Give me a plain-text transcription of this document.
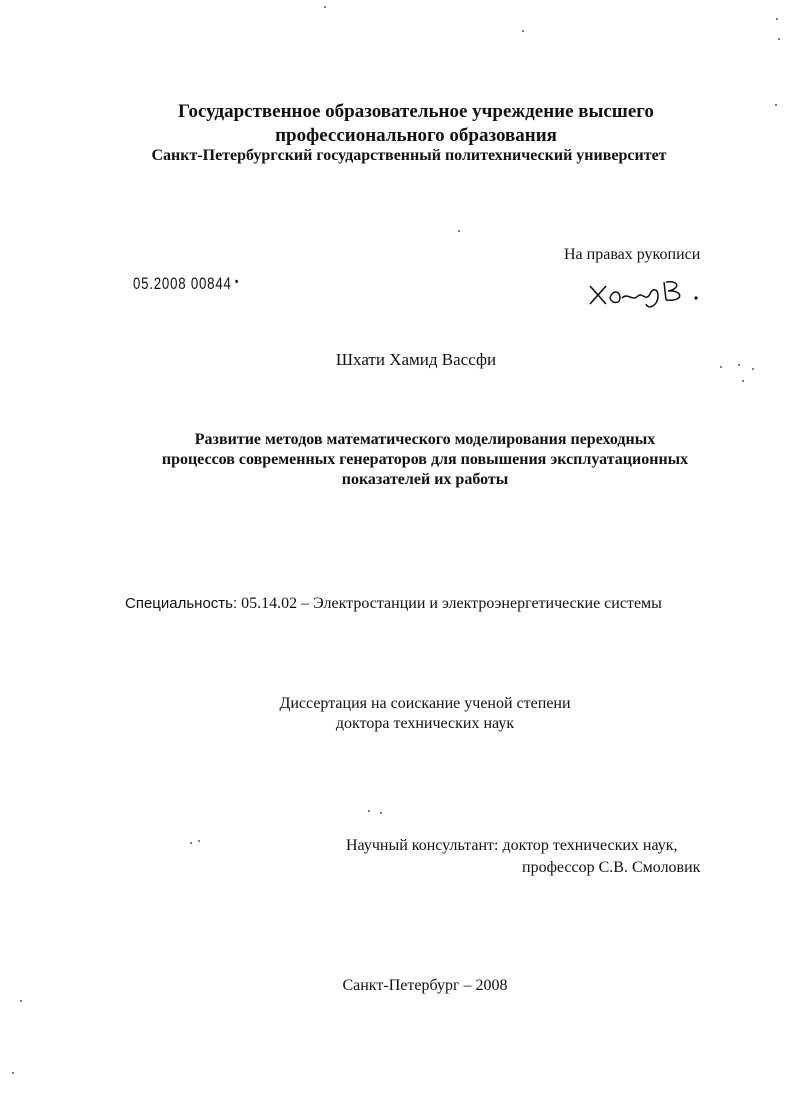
Государственное образовательное учреждение высшего
профессионального образования
Санкт-Петербургский государственный политехнический университет
На правах рукописи
05.2008 00844 ▪
Шхати Хамид Вассфи
Развитие методов математического моделирования переходных
процессов современных генераторов для повышения эксплуатационных
показателей их работы
Специальность: 05.14.02 – Электростанции и электроэнергетические системы
Диссертация на соискание ученой степени
доктора технических наук
Научный консультант: доктор технических наук,
профессор С.В. Смоловик
Санкт-Петербург – 2008
